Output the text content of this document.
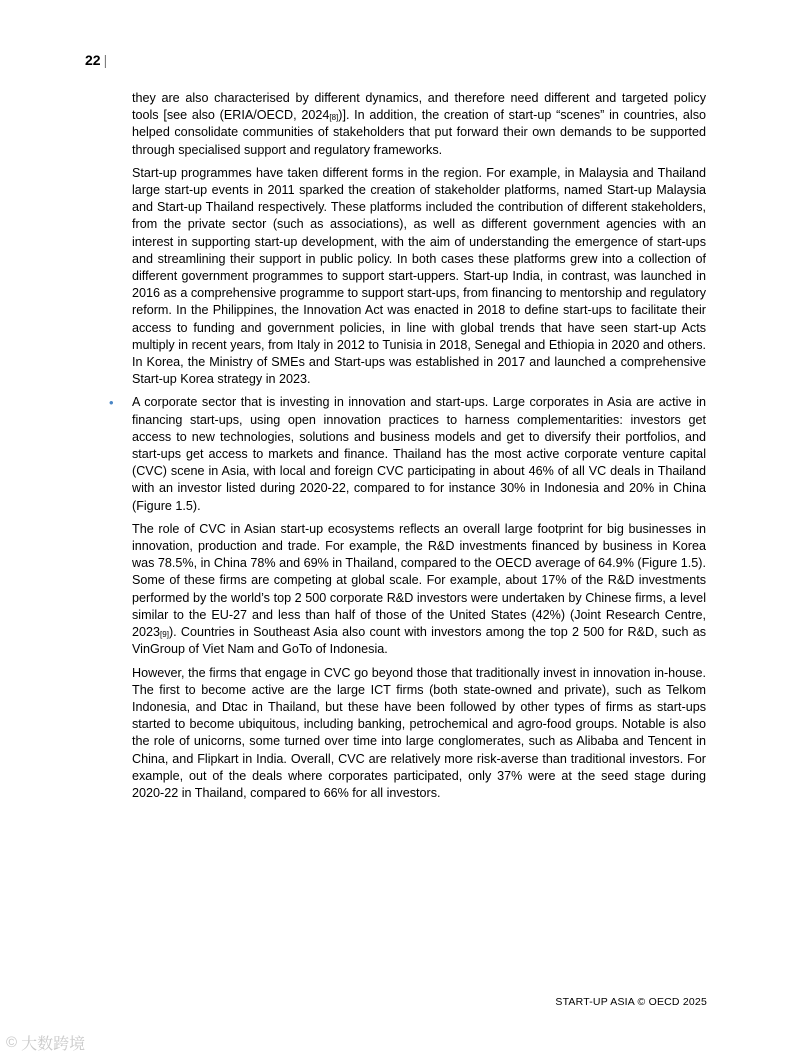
22 |

they are also characterised by different dynamics, and therefore need different and targeted policy tools [see also (ERIA/OECD, 2024[8])]. In addition, the creation of start-up “scenes” in countries, also helped consolidate communities of stakeholders that put forward their own demands to be supported through specialised support and regulatory frameworks.

Start-up programmes have taken different forms in the region. For example, in Malaysia and Thailand large start-up events in 2011 sparked the creation of stakeholder platforms, named Start-up Malaysia and Start-up Thailand respectively. These platforms included the contribution of different stakeholders, from the private sector (such as associations), as well as different government agencies with an interest in supporting start-up development, with the aim of understanding the emergence of start-ups and streamlining their support in public policy. In both cases these platforms grew into a collection of different government programmes to support start-uppers. Start-up India, in contrast, was launched in 2016 as a comprehensive programme to support start-ups, from financing to mentorship and regulatory reform. In the Philippines, the Innovation Act was enacted in 2018 to define start-ups to facilitate their access to funding and government policies, in line with global trends that have seen start-up Acts multiply in recent years, from Italy in 2012 to Tunisia in 2018, Senegal and Ethiopia in 2020 and others. In Korea, the Ministry of SMEs and Start-ups was established in 2017 and launched a comprehensive Start-up Korea strategy in 2023.

• A corporate sector that is investing in innovation and start-ups. Large corporates in Asia are active in financing start-ups, using open innovation practices to harness complementarities: investors get access to new technologies, solutions and business models and get to diversify their portfolios, and start-ups get access to markets and finance. Thailand has the most active corporate venture capital (CVC) scene in Asia, with local and foreign CVC participating in about 46% of all VC deals in Thailand with an investor listed during 2020-22, compared to for instance 30% in Indonesia and 20% in China (Figure 1.5).

The role of CVC in Asian start-up ecosystems reflects an overall large footprint for big businesses in innovation, production and trade. For example, the R&D investments financed by business in Korea was 78.5%, in China 78% and 69% in Thailand, compared to the OECD average of 64.9% (Figure 1.5). Some of these firms are competing at global scale. For example, about 17% of the R&D investments performed by the world’s top 2 500 corporate R&D investors were undertaken by Chinese firms, a level similar to the EU-27 and less than half of those of the United States (42%) (Joint Research Centre, 2023[9]). Countries in Southeast Asia also count with investors among the top 2 500 for R&D, such as VinGroup of Viet Nam and GoTo of Indonesia.

However, the firms that engage in CVC go beyond those that traditionally invest in innovation in-house. The first to become active are the large ICT firms (both state-owned and private), such as Telkom Indonesia, and Dtac in Thailand, but these have been followed by other types of firms as start-ups started to become ubiquitous, including banking, petrochemical and agro-food groups. Notable is also the role of unicorns, some turned over time into large conglomerates, such as Alibaba and Tencent in China, and Flipkart in India. Overall, CVC are relatively more risk-averse than traditional investors. For example, out of the deals where corporates participated, only 37% were at the seed stage during 2020-22 in Thailand, compared to 66% for all investors.

START-UP ASIA © OECD 2025
© 大数跨境
